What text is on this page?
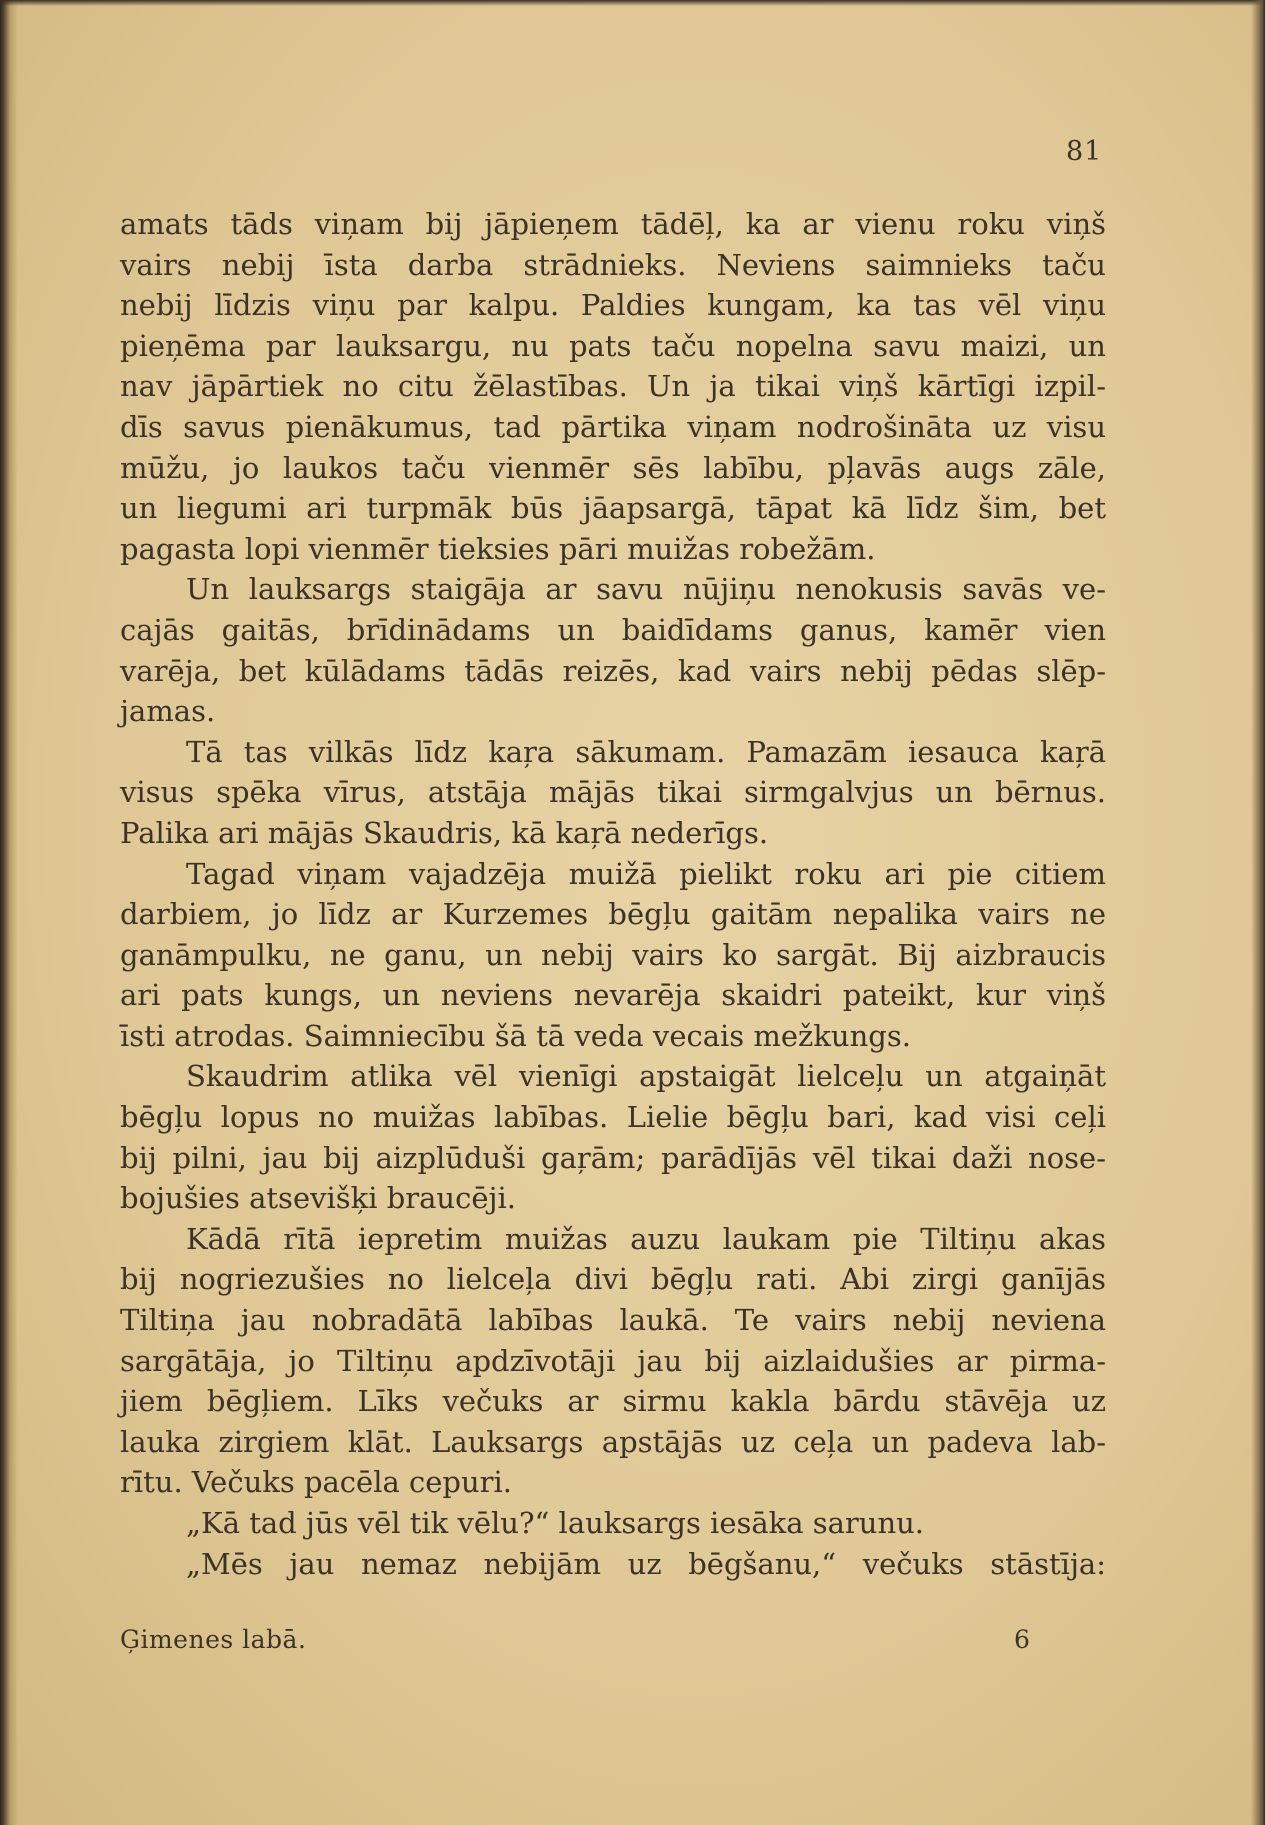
81
amats tāds viņam bij jāpieņem tādēļ, ka ar vienu roku viņš
vairs nebij īsta darba strādnieks. Neviens saimnieks taču
nebij līdzis viņu par kalpu. Paldies kungam, ka tas vēl viņu
pieņēma par lauksargu, nu pats taču nopelna savu maizi, un
nav jāpārtiek no citu žēlastības. Un ja tikai viņš kārtīgi izpil-
dīs savus pienākumus, tad pārtika viņam nodrošināta uz visu
mūžu, jo laukos taču vienmēr sēs labību, pļavās augs zāle,
un liegumi ari turpmāk būs jāapsargā, tāpat kā līdz šim, bet
pagasta lopi vienmēr tieksies pāri muižas robežām.
Un lauksargs staigāja ar savu nūjiņu nenokusis savās ve-
cajās gaitās, brīdinādams un baidīdams ganus, kamēr vien
varēja, bet kūlādams tādās reizēs, kad vairs nebij pēdas slēp-
jamas.
Tā tas vilkās līdz kaŗa sākumam. Pamazām iesauca kaŗā
visus spēka vīrus, atstāja mājās tikai sirmgalvjus un bērnus.
Palika ari mājās Skaudris, kā kaŗā nederīgs.
Tagad viņam vajadzēja muižā pielikt roku ari pie citiem
darbiem, jo līdz ar Kurzemes bēgļu gaitām nepalika vairs ne
ganāmpulku, ne ganu, un nebij vairs ko sargāt. Bij aizbraucis
ari pats kungs, un neviens nevarēja skaidri pateikt, kur viņš
īsti atrodas. Saimniecību šā tā veda vecais mežkungs.
Skaudrim atlika vēl vienīgi apstaigāt lielceļu un atgaiņāt
bēgļu lopus no muižas labības. Lielie bēgļu bari, kad visi ceļi
bij pilni, jau bij aizplūduši gaŗām; parādījās vēl tikai daži nose-
bojušies atsevišķi braucēji.
Kādā rītā iepretim muižas auzu laukam pie Tiltiņu akas
bij nogriezušies no lielceļa divi bēgļu rati. Abi zirgi ganījās
Tiltiņa jau nobradātā labības laukā. Te vairs nebij neviena
sargātāja, jo Tiltiņu apdzīvotāji jau bij aizlaidušies ar pirma-
jiem bēgļiem. Līks večuks ar sirmu kakla bārdu stāvēja uz
lauka zirgiem klāt. Lauksargs apstājās uz ceļa un padeva lab-
rītu. Večuks pacēla cepuri.
„Kā tad jūs vēl tik vēlu?“ lauksargs iesāka sarunu.
„Mēs jau nemaz nebijām uz bēgšanu,“ večuks stāstīja:
Ģimenes labā.	6
